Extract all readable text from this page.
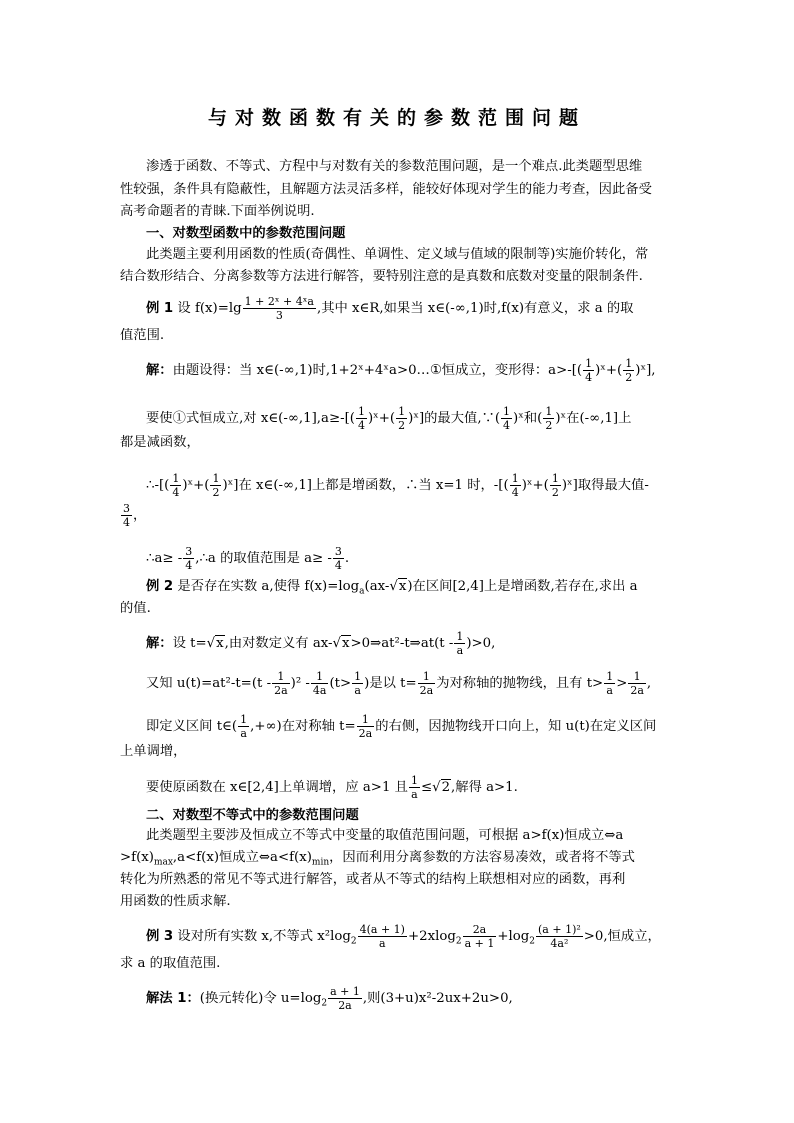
与对数函数有关的参数范围问题
渗透于函数、不等式、方程中与对数有关的参数范围问题，是一个难点.此类题型思维
性较强，条件具有隐蔽性，且解题方法灵活多样，能较好体现对学生的能力考查，因此备受
高考命题者的青睐.下面举例说明.
一、对数型函数中的参数范围问题
此类题主要利用函数的性质(奇偶性、单调性、定义域与值域的限制等)实施价转化，常
结合数形结合、分离参数等方法进行解答，要特别注意的是真数和底数对变量的限制条件.
例 1 设 $f(x)=\lg \frac{\text{1 + 2ˣ + 4ˣa}}{3}$ ,其中 x∈R,如果当 x∈(-∞,1)时,f(x)有意义，求 a 的取
值范围.
解：由题设得：当 x∈(-∞,1)时,1+2ˣ+4ˣa>0…①恒成立，变形得：$a>-[( \frac{1}{4}$ )ˣ+( $\frac{1}{2}$ )ˣ],
要使①式恒成立,对 x∈(-∞,1],a≥-[( $\frac{1}{4}$ )ˣ+( $\frac{1}{2}$ )ˣ]的最大值,∵( $\frac{1}{4}$ )ˣ和( $\frac{1}{2}$ )ˣ在(-∞,1]上
都是减函数，
∴-[( $\frac{1}{4}$ )ˣ+( $\frac{1}{2}$ )ˣ]在 x∈(-∞,1]上都是增函数，∴当 x=1 时，-[( $\frac{1}{4}$ )ˣ+( $\frac{1}{2}$ )ˣ]取得最大值-
$\frac{3}{4}$ ，
∴a≥ - $\frac{3}{4}$ ,∴a 的取值范围是 $a\ge - \frac{3}{4}$ .
例 2 是否存在实数 a,使得 $f(x)=\log_a(ax-√x)$在区间[2,4]上是增函数,若存在,求出 a
的值.
解：设 t=√x,由对数定义有 ax-√x>0⇒at²-t⇒at(t - $\frac{1}{a} )>0$,
又知 $u(t)=at^2-t=(t - \frac{1}{2a} )^2 - \frac{1}{4a} (t> \frac{1}{a}$ )是以 $t= \frac{1}{2a}$ 为对称轴的抛物线，且有 $t> \frac{1}{a} > \frac{1}{2a}$ ,
即定义区间 t∈( $\frac{1}{a}$ ,+∞)在对称轴 $t= \frac{1}{2a}$ 的右侧，因抛物线开口向上，知 u(t)在定义区间
上单调增，
要使原函数在 x∈[2,4]上单调增，应 a>1 且 $\frac{1}{a} \le√2$,解得 a>1.
二、对数型不等式中的参数范围问题
此类题型主要涉及恒成立不等式中变量的取值范围问题，可根据 a>f(x)恒成立⇔a
$>f(x)_{max},a<f(x)$恒成立$\Leftrightarrow a<f(x)_{min}$，因而利用分离参数的方法容易凑效，或者将不等式
转化为所熟悉的常见不等式进行解答，或者从不等式的结构上联想相对应的函数，再利
用函数的性质求解.
例 3 设对所有实数 x,不等式 $x^2\log_2 \frac{4(a + 1)}{a} +2xlog_2 \frac{2a}{a + 1} +\log_2 \frac{\text{(a + 1)²}}{\text{4a²}} >0$,恒成立，
求 a 的取值范围.
解法 1：(换元转化)令 $u=\log_2 \frac{a + 1}{2a}$ ,则(3+u)x²-2ux+2u>0,
